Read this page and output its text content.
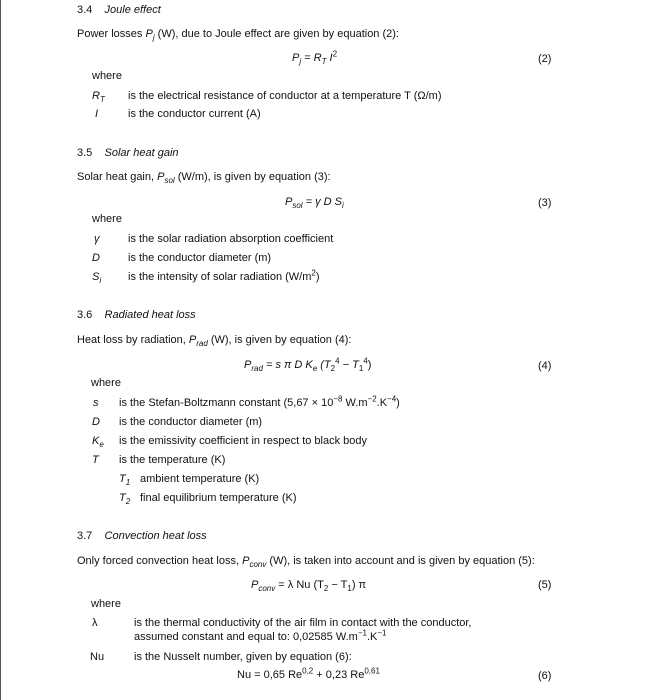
3.4 Joule effect
Power losses $P_j$ (W), due to Joule effect are given by equation (2):
$P_j = R_T$ $I^2$	(2)
where
$R_T$ is the electrical resistance of conductor at a temperature T (Ω/m)
I	is the conductor current (A)
3.5 Solar heat gain
Solar heat gain, $P_{sol}$ (W/m), is given by equation (3):
$P_{sol} = \gamma$ D $S_i$	(3)
where
γ	is the solar radiation absorption coefficient
D	is the conductor diameter (m)
$S_i$ is the intensity of solar radiation $(W/m^2)$
3.6 Radiated heat loss
Heat loss by radiation, $P_{rad}$ (W), is given by equation (4):
$P_{rad} = s$ π D $K_e$ $(T_2^4 - T_1^4)$	(4)
where
s is the Stefan-Boltzmann constant ($5,67 \times 10^{-8}$ $W.m^{-2}.K^{-4}$)
D is the conductor diameter (m)
$K_e$ is the emissivity coefficient in respect to black body
T is the temperature (K)
$T_1$ ambient temperature (K)
$T_2$ final equilibrium temperature (K)
3.7 Convection heat loss
Only forced convection heat loss, $P_{conv}$ (W), is taken into account and is given by equation (5):
$P_{conv} = \lambda$ Nu $(T_2 - T_1)$ π	(5)
where
λ	is the thermal conductivity of the air film in contact with the conductor,
assumed constant and equal to: 0,02585 $W.m^{-1}.K^{-1}$
Nu	is the Nusselt number, given by equation (6):
Nu = 0,65 Re$^{0,2}$ + 0,23 Re$^{0,61}$	(6)
